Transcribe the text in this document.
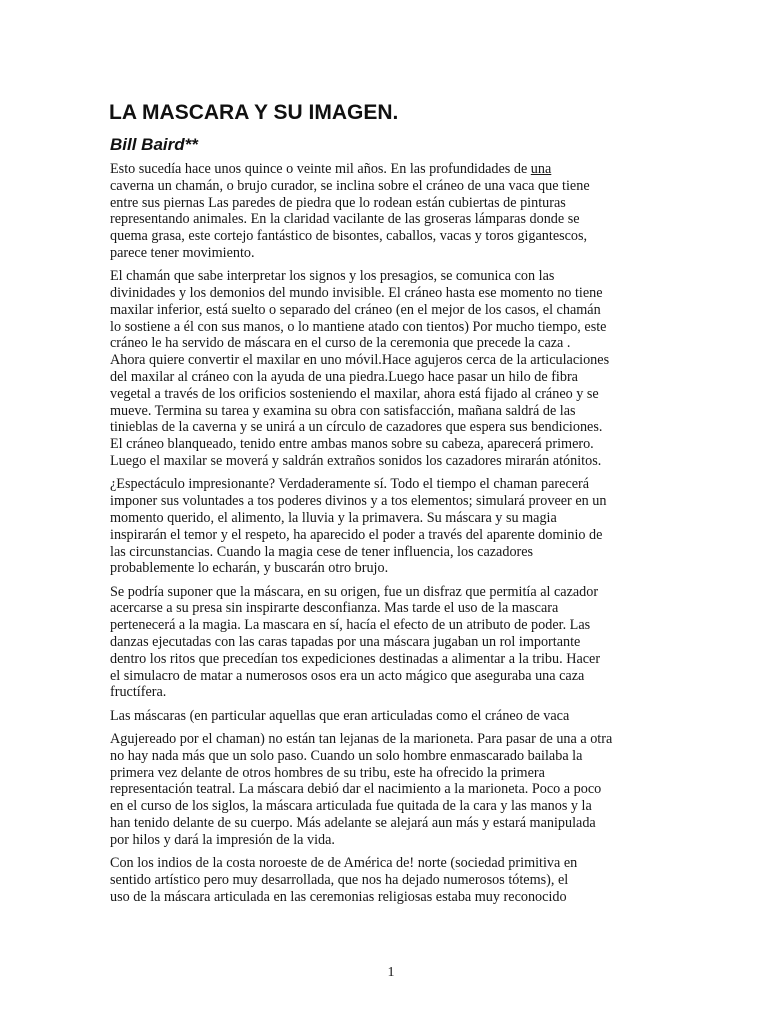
LA MASCARA Y SU IMAGEN.
Bill Baird**

Esto sucedía hace unos quince o veinte mil años. En las profundidades de una
caverna un chamán, o brujo curador, se inclina sobre el cráneo de una vaca que tiene
entre sus piernas Las paredes de piedra que lo rodean están cubiertas de pinturas
representando animales. En la claridad vacilante de las groseras lámparas donde se
quema grasa, este cortejo fantástico de bisontes, caballos, vacas y toros gigantescos,
parece tener movimiento.

El chamán que sabe interpretar los signos y los presagios, se comunica con las
divinidades y los demonios del mundo invisible. El cráneo hasta ese momento no tiene
maxilar inferior, está suelto o separado del cráneo (en el mejor de los casos, el chamán
lo sostiene a él con sus manos, o lo mantiene atado con tientos) Por mucho tiempo, este
cráneo le ha servido de máscara en el curso de la ceremonia que precede la caza .
Ahora quiere convertir el maxilar en uno móvil.Hace agujeros cerca de la articulaciones
del maxilar al cráneo con la ayuda de una piedra.Luego hace pasar un hilo de fibra
vegetal a través de los orificios sosteniendo el maxilar, ahora está fijado al cráneo y se
mueve. Termina su tarea y examina su obra con satisfacción, mañana saldrá de las
tinieblas de la caverna y se unirá a un círculo de cazadores que espera sus bendiciones.
El cráneo blanqueado, tenido entre ambas manos sobre su cabeza, aparecerá primero.
Luego el maxilar se moverá y saldrán extraños sonidos los cazadores mirarán atónitos.

¿Espectáculo impresionante? Verdaderamente sí. Todo el tiempo el chaman parecerá
imponer sus voluntades a tos poderes divinos y a tos elementos; simulará proveer en un
momento querido, el alimento, la lluvia y la primavera. Su máscara y su magia
inspirarán el temor y el respeto, ha aparecido el poder a través del aparente dominio de
las circunstancias. Cuando la magia cese de tener influencia, los cazadores
probablemente lo echarán, y buscarán otro brujo.

Se podría suponer que la máscara, en su origen, fue un disfraz que permitía al cazador
acercarse a su presa sin inspirarte desconfianza. Mas tarde el uso de la mascara
pertenecerá a la magia. La mascara en sí, hacía el efecto de un atributo de poder. Las
danzas ejecutadas con las caras tapadas por una máscara jugaban un rol importante
dentro los ritos que precedían tos expediciones destinadas a alimentar a la tribu. Hacer
el simulacro de matar a numerosos osos era un acto mágico que aseguraba una caza
fructífera.

Las máscaras (en particular aquellas que eran articuladas como el cráneo de vaca

Agujereado por el chaman) no están tan lejanas de la marioneta. Para pasar de una a otra
no hay nada más que un solo paso. Cuando un solo hombre enmascarado bailaba la
primera vez delante de otros hombres de su tribu, este ha ofrecido la primera
representación teatral. La máscara debió dar el nacimiento a la marioneta. Poco a poco
en el curso de los siglos, la máscara articulada fue quitada de la cara y las manos y la
han tenido delante de su cuerpo. Más adelante se alejará aun más y estará manipulada
por hilos y dará la impresión de la vida.

Con los indios de la costa noroeste de de América de! norte (sociedad primitiva en
sentido artístico pero muy desarrollada, que nos ha dejado numerosos tótems), el
uso de la máscara articulada en las ceremonias religiosas estaba muy reconocido

1
